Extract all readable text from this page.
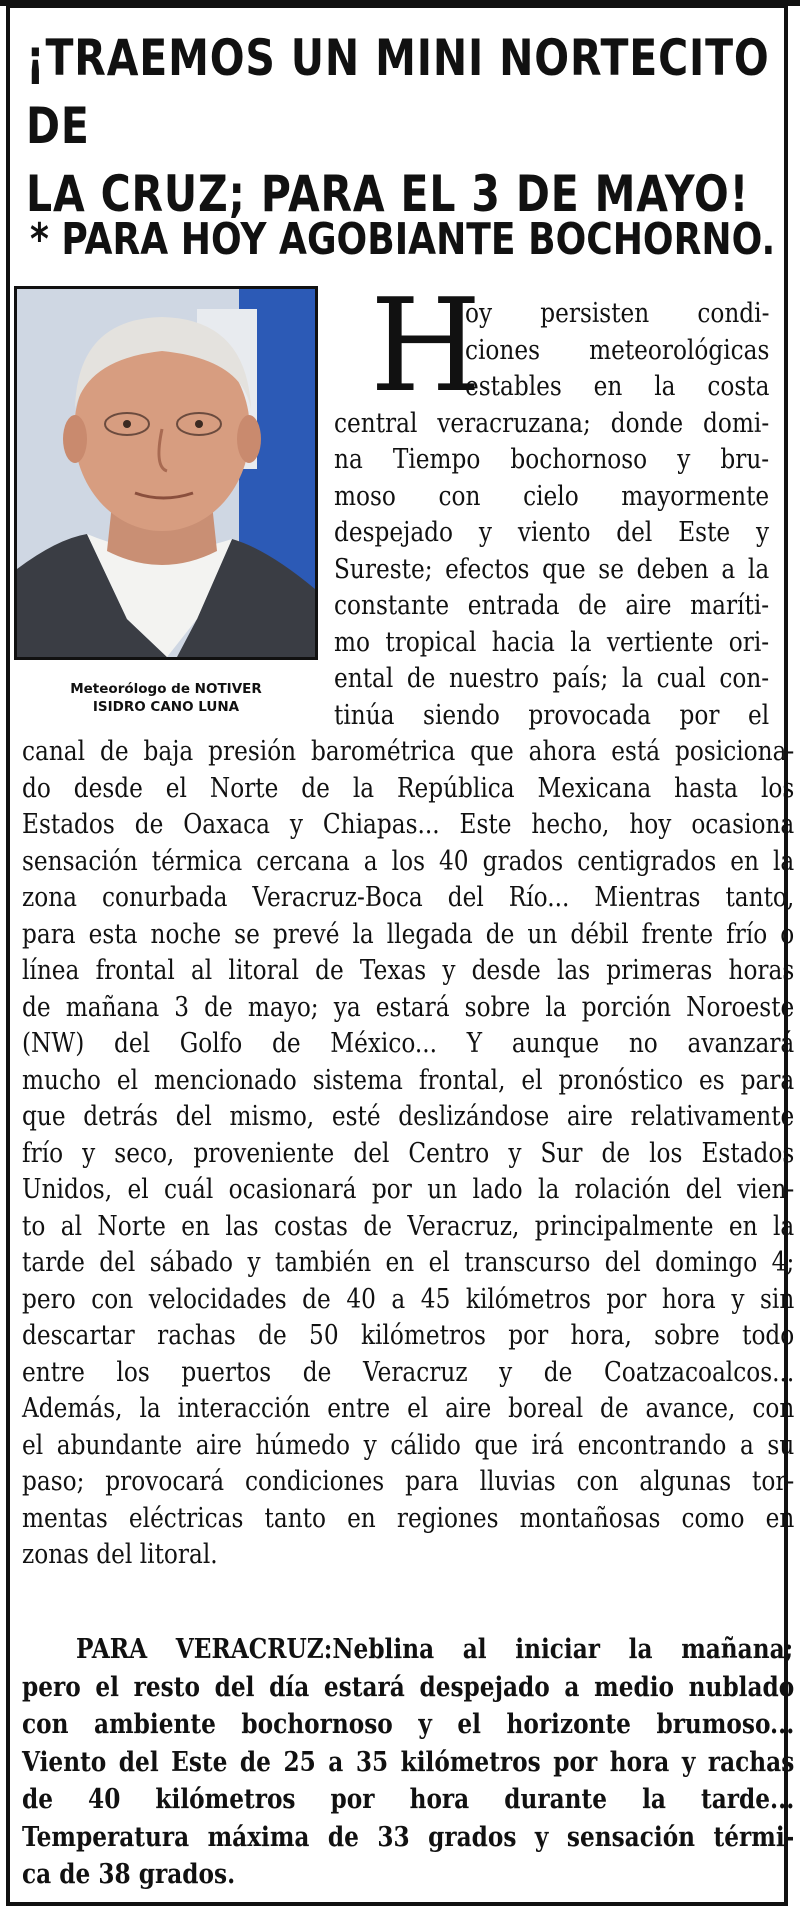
¡TRAEMOS UN MINI NORTECITO DE
LA CRUZ; PARA EL 3 DE MAYO!
* PARA HOY AGOBIANTE BOCHORNO.
Meteorólogo de NOTIVER
ISIDRO CANO LUNA
H
oy persisten condi-
ciones meteorológicas
estables en la costa
central veracruzana; donde domi-
na Tiempo bochornoso y bru-
moso con cielo mayormente
despejado y viento del Este y
Sureste; efectos que se deben a la
constante entrada de aire maríti-
mo tropical hacia la vertiente ori-
ental de nuestro país; la cual con-
tinúa siendo provocada por el
canal de baja presión barométrica que ahora está posiciona-
do desde el Norte de la República Mexicana hasta los
Estados de Oaxaca y Chiapas... Este hecho, hoy ocasiona
sensación térmica cercana a los 40 grados centigrados en la
zona conurbada Veracruz-Boca del Río... Mientras tanto,
para esta noche se prevé la llegada de un débil frente frío o
línea frontal al litoral de Texas y desde las primeras horas
de mañana 3 de mayo; ya estará sobre la porción Noroeste
(NW) del Golfo de México... Y aunque no avanzará
mucho el mencionado sistema frontal, el pronóstico es para
que detrás del mismo, esté deslizándose aire relativamente
frío y seco, proveniente del Centro y Sur de los Estados
Unidos, el cuál ocasionará por un lado la rolación del vien-
to al Norte en las costas de Veracruz, principalmente en la
tarde del sábado y también en el transcurso del domingo 4;
pero con velocidades de 40 a 45 kilómetros por hora y sin
descartar rachas de 50 kilómetros por hora, sobre todo
entre los puertos de Veracruz y de Coatzacoalcos...
Además, la interacción entre el aire boreal de avance, con
el abundante aire húmedo y cálido que irá encontrando a su
paso; provocará condiciones para lluvias con algunas tor-
mentas eléctricas tanto en regiones montañosas como en
zonas del litoral.
PARA VERACRUZ:Neblina al iniciar la mañana;
pero el resto del día estará despejado a medio nublado
con ambiente bochornoso y el horizonte brumoso...
Viento del Este de 25 a 35 kilómetros por hora y rachas
de 40 kilómetros por hora durante la tarde...
Temperatura máxima de 33 grados y sensación térmi-
ca de 38 grados.
